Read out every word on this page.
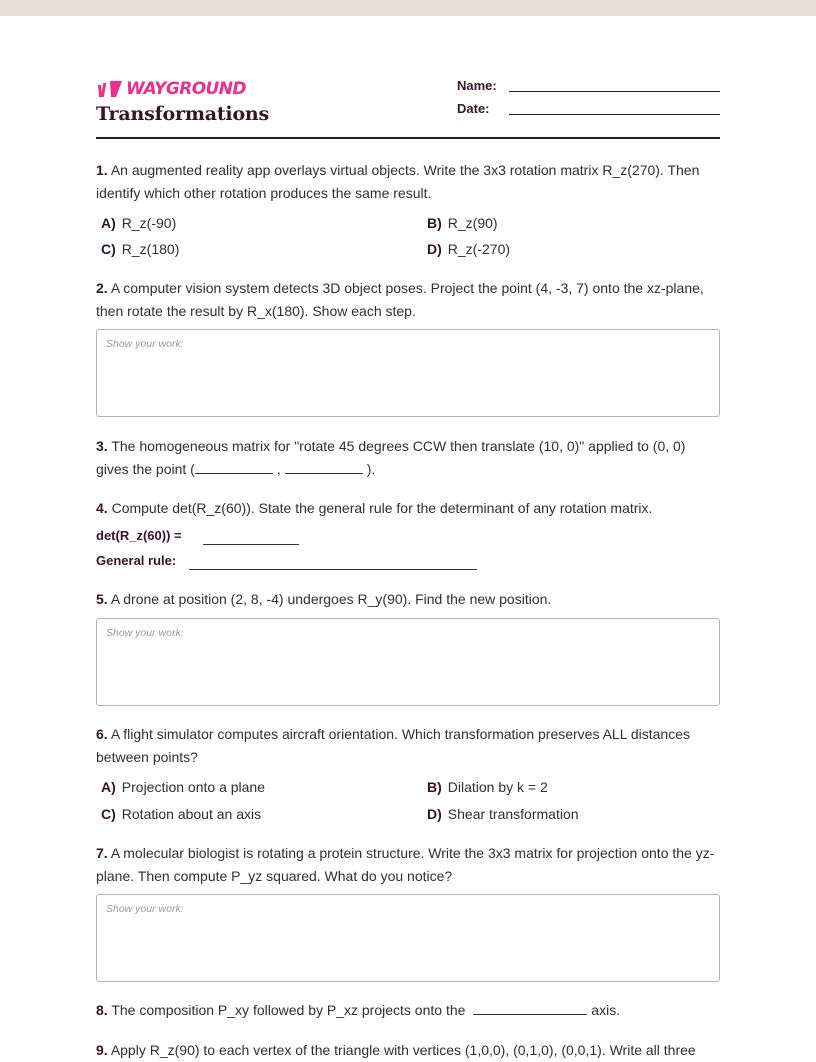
WAYGROUND
Transformations
Name:
Date:
1. An augmented reality app overlays virtual objects. Write the 3x3 rotation matrix R_z(270). Then identify which other rotation produces the same result.
A) R_z(-90)	B) R_z(90)
C) R_z(180)	D) R_z(-270)
2. A computer vision system detects 3D object poses. Project the point (4, -3, 7) onto the xz-plane, then rotate the result by R_x(180). Show each step.
Show your work:
3. The homogeneous matrix for "rotate 45 degrees CCW then translate (10, 0)" applied to (0, 0) gives the point (	,	).
4. Compute det(R_z(60)). State the general rule for the determinant of any rotation matrix.
det(R_z(60)) =
General rule:
5. A drone at position (2, 8, -4) undergoes R_y(90). Find the new position.
Show your work:
6. A flight simulator computes aircraft orientation. Which transformation preserves ALL distances between points?
A) Projection onto a plane	B) Dilation by k = 2
C) Rotation about an axis	D) Shear transformation
7. A molecular biologist is rotating a protein structure. Write the 3x3 matrix for projection onto the yz-plane. Then compute P_yz squared. What do you notice?
Show your work:
8. The composition P_xy followed by P_xz projects onto the	axis.
9. Apply R_z(90) to each vertex of the triangle with vertices (1,0,0), (0,1,0), (0,0,1). Write all three
